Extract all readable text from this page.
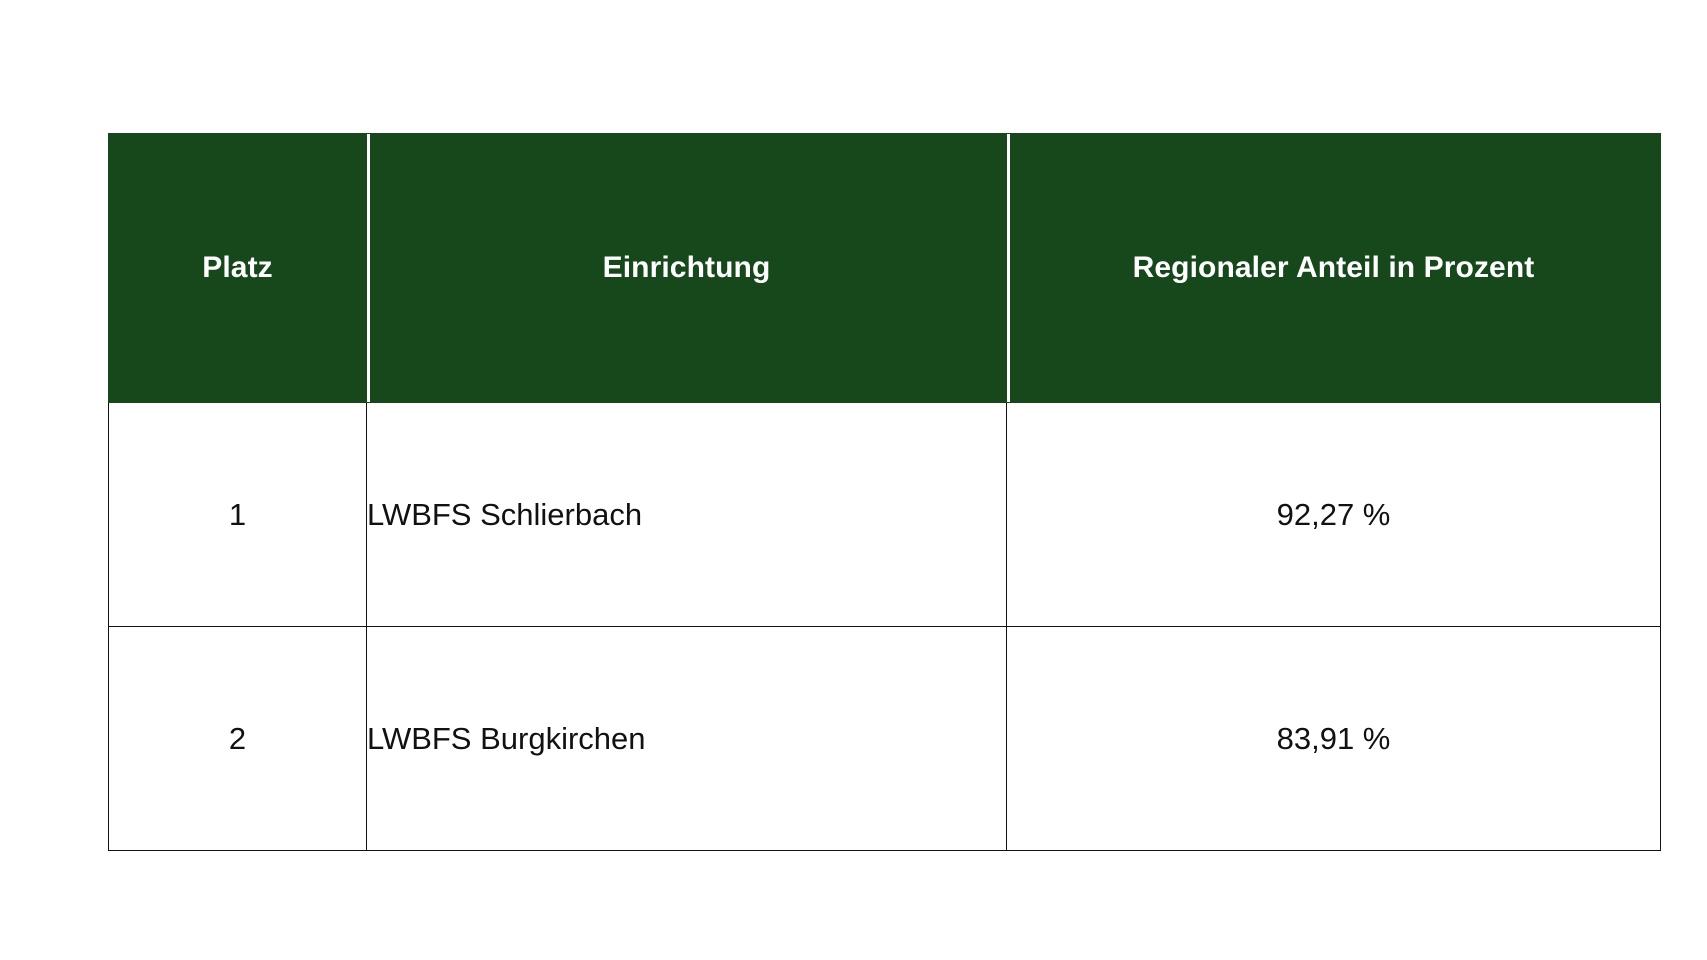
Platz	Einrichtung	Regionaler Anteil in Prozent
1	LWBFS Schlierbach	92,27 %
2	LWBFS Burgkirchen	83,91 %
